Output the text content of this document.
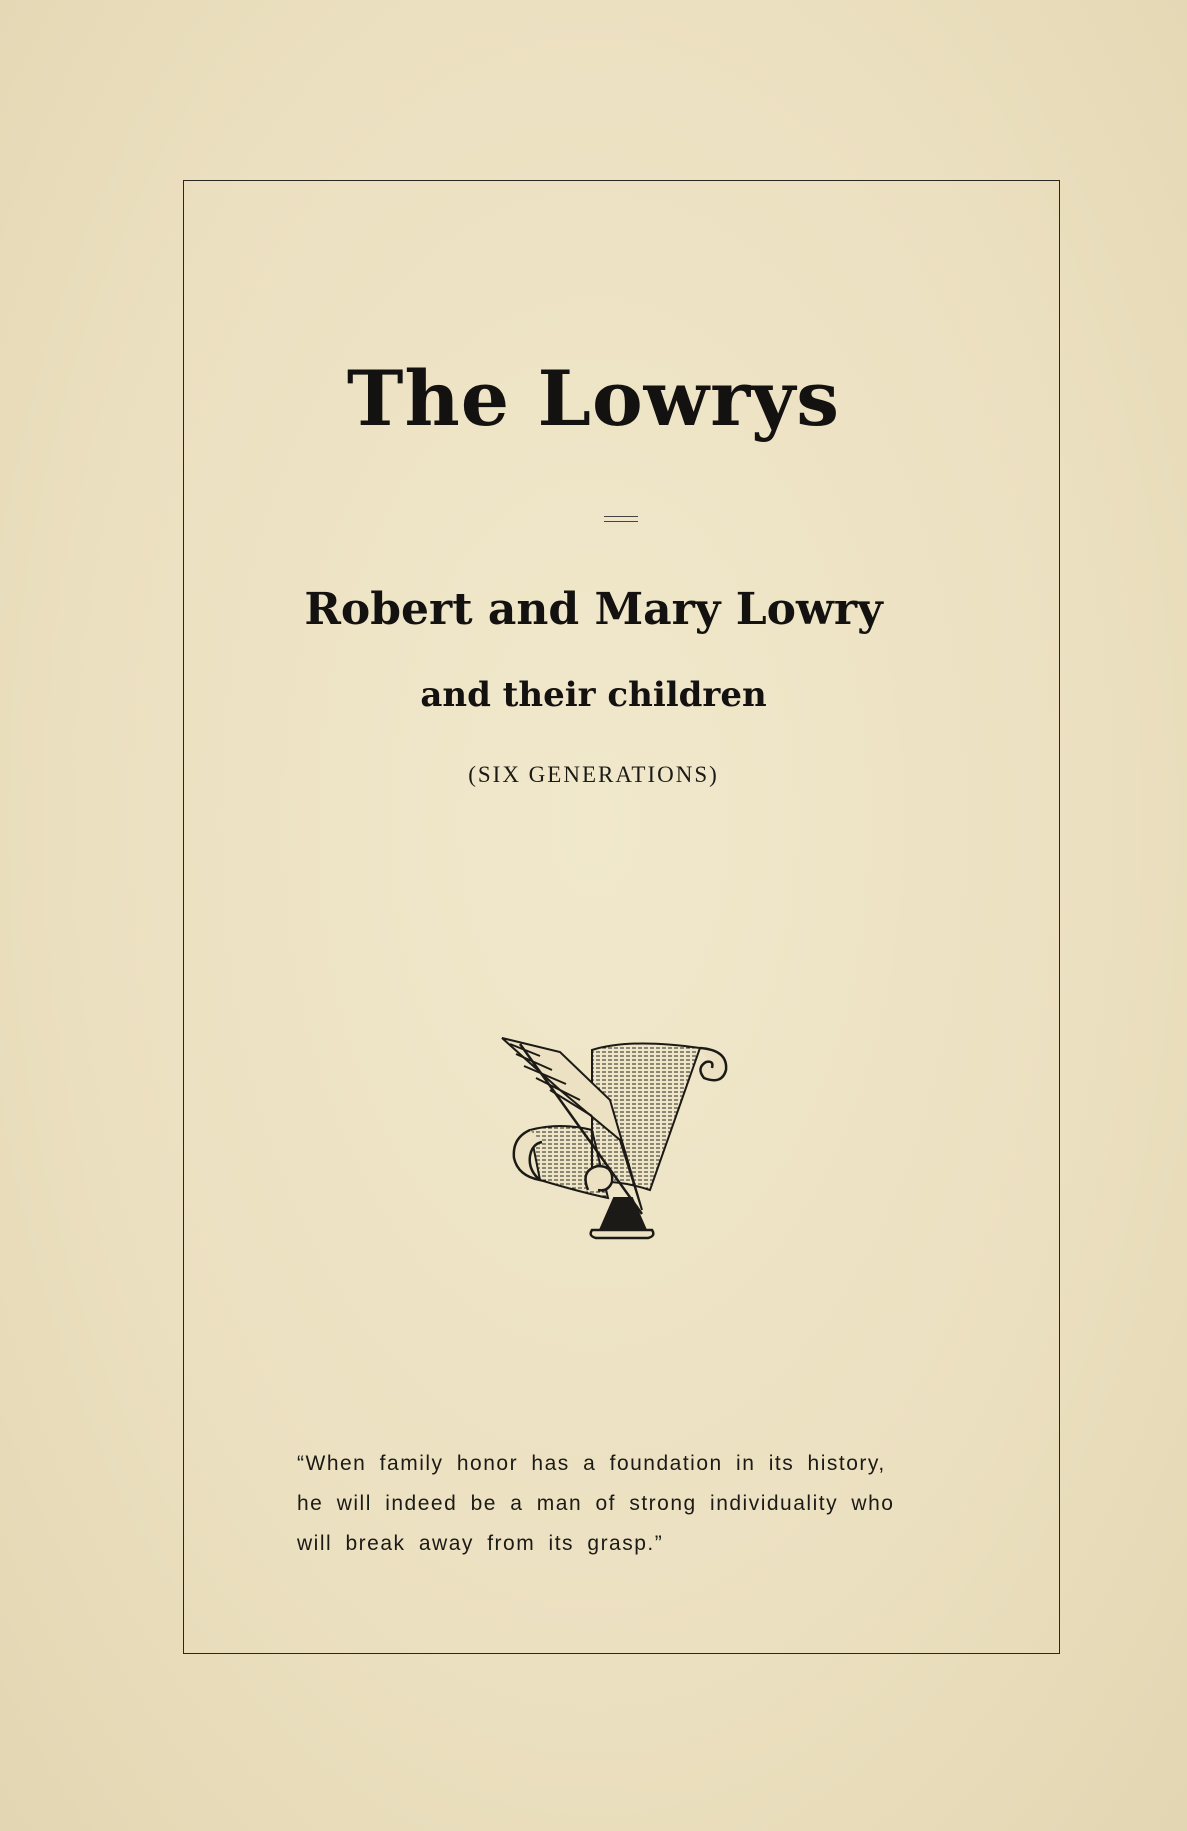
The Lowrys
Robert and Mary Lowry
and their children
(SIX GENERATIONS)
“When family honor has a foundation in its history,
he will indeed be a man of strong individuality who
will break away from its grasp.”
